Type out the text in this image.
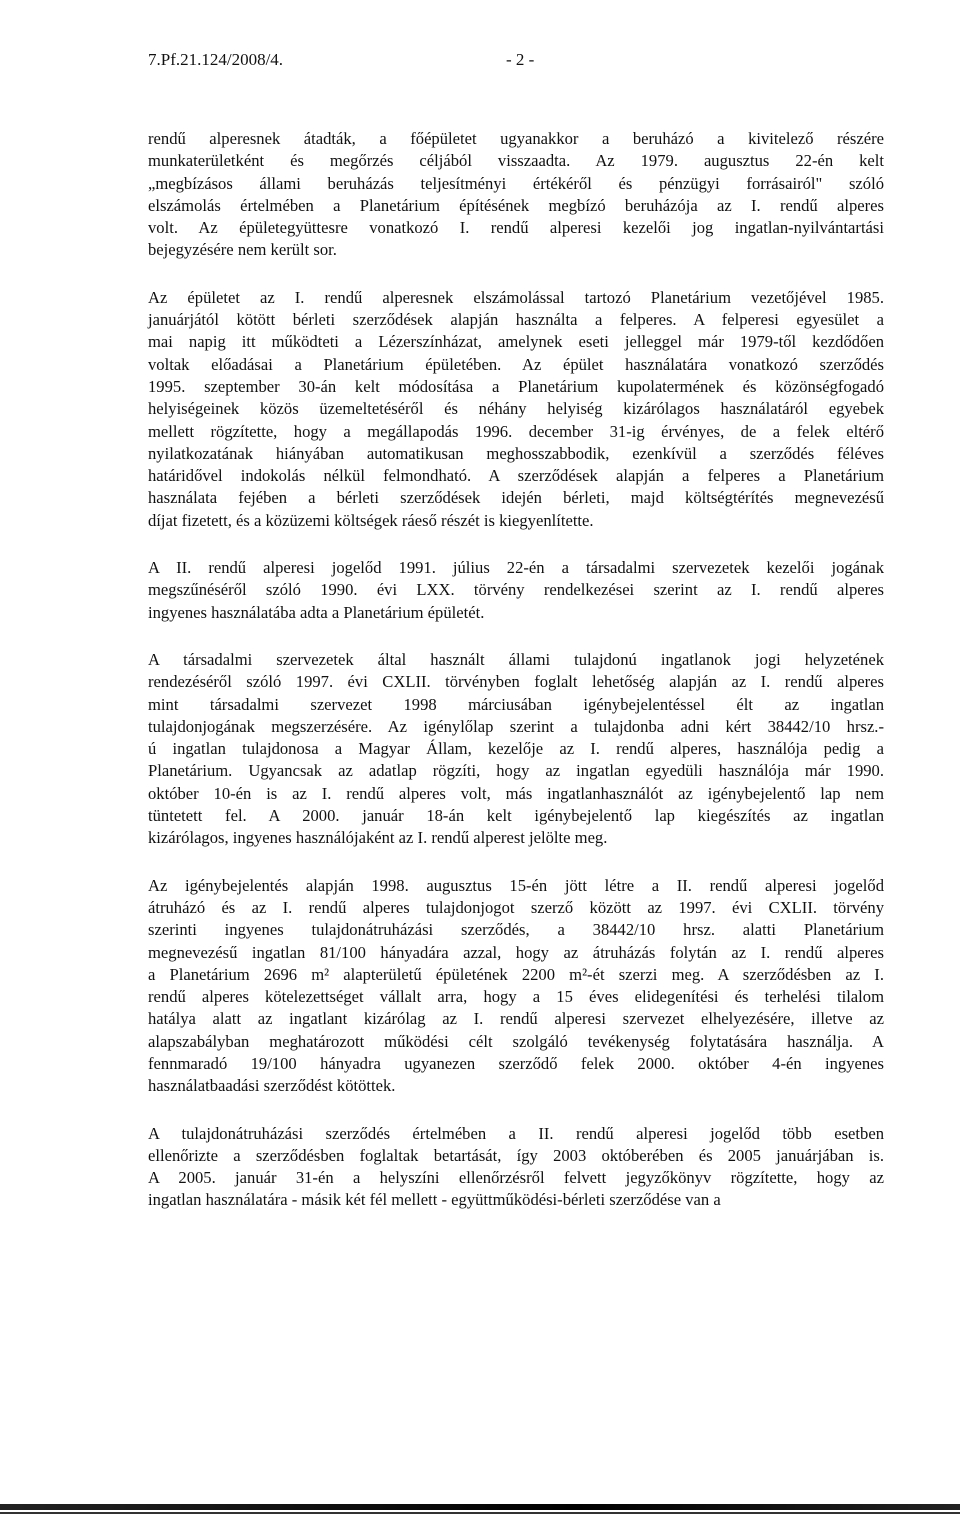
7.Pf.21.124/2008/4.	- 2 -

rendű alperesnek átadták, a főépületet ugyanakkor a beruházó a kivitelező részére
munkaterületként és megőrzés céljából visszaadta. Az 1979. augusztus 22-én kelt
„megbízásos állami beruházás teljesítményi értékéről és pénzügyi forrásairól" szóló
elszámolás értelmében a Planetárium építésének megbízó beruházója az I. rendű alperes
volt. Az épületegyüttesre vonatkozó I. rendű alperesi kezelői jog ingatlan-nyilvántartási
bejegyzésére nem került sor.

Az épületet az I. rendű alperesnek elszámolással tartozó Planetárium vezetőjével 1985.
januárjától kötött bérleti szerződések alapján használta a felperes. A felperesi egyesület a
mai napig itt működteti a Lézerszínházat, amelynek eseti jelleggel már 1979-től kezdődően
voltak előadásai a Planetárium épületében. Az épület használatára vonatkozó szerződés
1995. szeptember 30-án kelt módosítása a Planetárium kupolatermének és közönségfogadó
helyiségeinek közös üzemeltetéséről és néhány helyiség kizárólagos használatáról egyebek
mellett rögzítette, hogy a megállapodás 1996. december 31-ig érvényes, de a felek eltérő
nyilatkozatának hiányában automatikusan meghosszabbodik, ezenkívül a szerződés féléves
határidővel indokolás nélkül felmondható. A szerződések alapján a felperes a Planetárium
használata fejében a bérleti szerződések idején bérleti, majd költségtérítés megnevezésű
díjat fizetett, és a közüzemi költségek ráeső részét is kiegyenlítette.

A II. rendű alperesi jogelőd 1991. július 22-én a társadalmi szervezetek kezelői jogának
megszűnéséről szóló 1990. évi LXX. törvény rendelkezései szerint az I. rendű alperes
ingyenes használatába adta a Planetárium épületét.

A társadalmi szervezetek által használt állami tulajdonú ingatlanok jogi helyzetének
rendezéséről szóló 1997. évi CXLII. törvényben foglalt lehetőség alapján az I. rendű alperes
mint társadalmi szervezet 1998 márciusában igénybejelentéssel élt az ingatlan
tulajdonjogának megszerzésére. Az igénylőlap szerint a tulajdonba adni kért 38442/10 hrsz.-
ú ingatlan tulajdonosa a Magyar Állam, kezelője az I. rendű alperes, használója pedig a
Planetárium. Ugyancsak az adatlap rögzíti, hogy az ingatlan egyedüli használója már 1990.
október 10-én is az I. rendű alperes volt, más ingatlanhasználót az igénybejelentő lap nem
tüntetett fel. A 2000. január 18-án kelt igénybejelentő lap kiegészítés az ingatlan
kizárólagos, ingyenes használójaként az I. rendű alperest jelölte meg.

Az igénybejelentés alapján 1998. augusztus 15-én jött létre a II. rendű alperesi jogelőd
átruházó és az I. rendű alperes tulajdonjogot szerző között az 1997. évi CXLII. törvény
szerinti ingyenes tulajdonátruházási szerződés, a 38442/10 hrsz. alatti Planetárium
megnevezésű ingatlan 81/100 hányadára azzal, hogy az átruházás folytán az I. rendű alperes
a Planetárium 2696 m² alapterületű épületének 2200 m²-ét szerzi meg. A szerződésben az I.
rendű alperes kötelezettséget vállalt arra, hogy a 15 éves elidegenítési és terhelési tilalom
hatálya alatt az ingatlant kizárólag az I. rendű alperesi szervezet elhelyezésére, illetve az
alapszabályban meghatározott működési célt szolgáló tevékenység folytatására használja. A
fennmaradó 19/100 hányadra ugyanezen szerződő felek 2000. október 4-én ingyenes
használatbaadási szerződést kötöttek.

A tulajdonátruházási szerződés értelmében a II. rendű alperesi jogelőd több esetben
ellenőrizte a szerződésben foglaltak betartását, így 2003 októberében és 2005 januárjában is.
A 2005. január 31-én a helyszíni ellenőrzésről felvett jegyzőkönyv rögzítette, hogy az
ingatlan használatára - másik két fél mellett - együttműködési-bérleti szerződése van a
